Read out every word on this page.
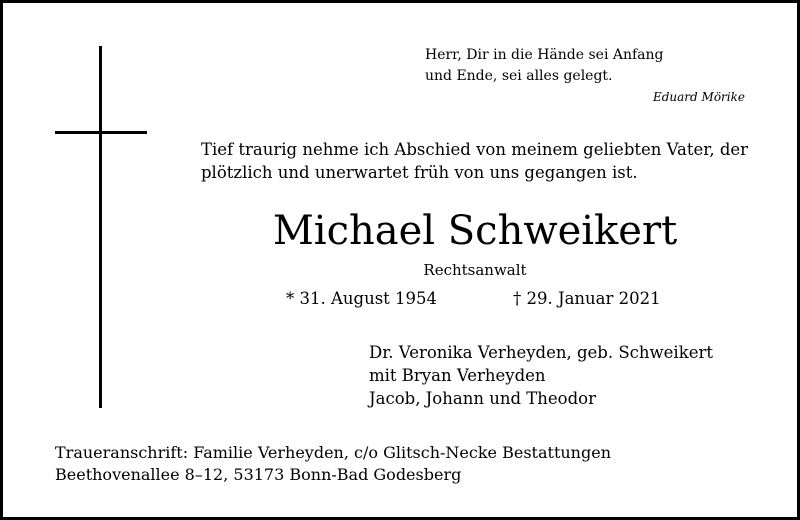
Herr, Dir in die Hände sei Anfang
und Ende, sei alles gelegt.
Eduard Mörike
Tief traurig nehme ich Abschied von meinem geliebten Vater, der
plötzlich und unerwartet früh von uns gegangen ist.
Michael Schweikert
Rechtsanwalt
* 31. August 1954	† 29. Januar 2021
Dr. Veronika Verheyden, geb. Schweikert
mit Bryan Verheyden
Jacob, Johann und Theodor
Traueranschrift: Familie Verheyden, c/o Glitsch-Necke Bestattungen
Beethovenallee 8–12, 53173 Bonn-Bad Godesberg
